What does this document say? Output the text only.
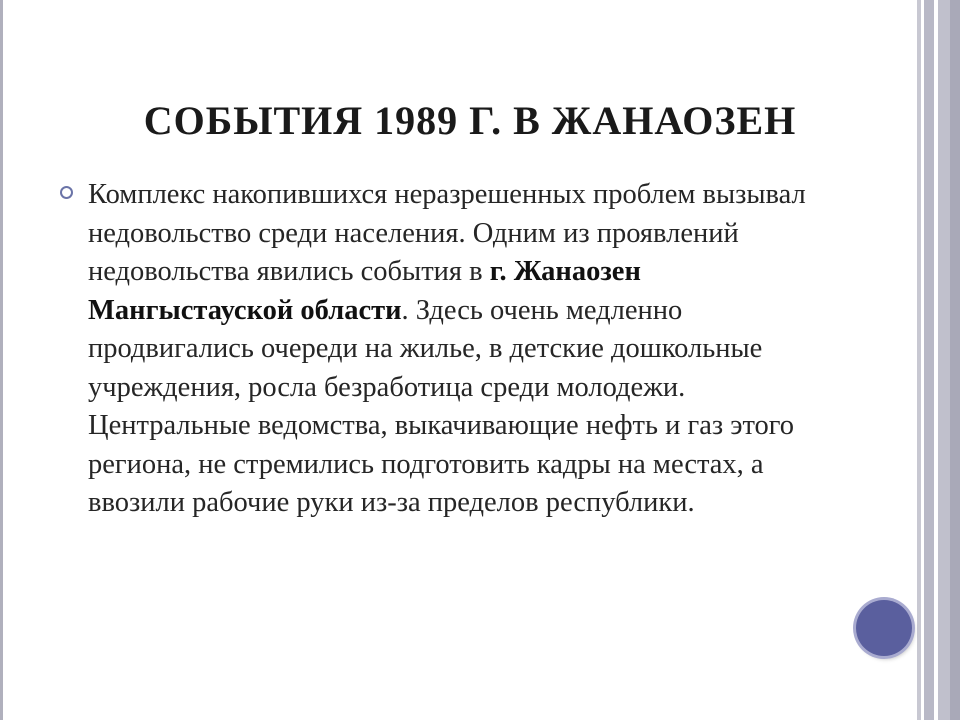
СОБЫТИЯ 1989 Г. В ЖАНАОЗЕН
Комплекс накопившихся неразрешенных проблем вызывал недовольство среди населения. Одним из проявлений недовольства явились события в г. Жанаозен Мангыстауской области. Здесь очень медленно продвигались очереди на жилье, в детские дошкольные учреждения, росла безработица среди молодежи. Центральные ведомства, выкачивающие нефть и газ этого региона, не стремились подготовить кадры на местах, а ввозили рабочие руки из-за пределов республики.
